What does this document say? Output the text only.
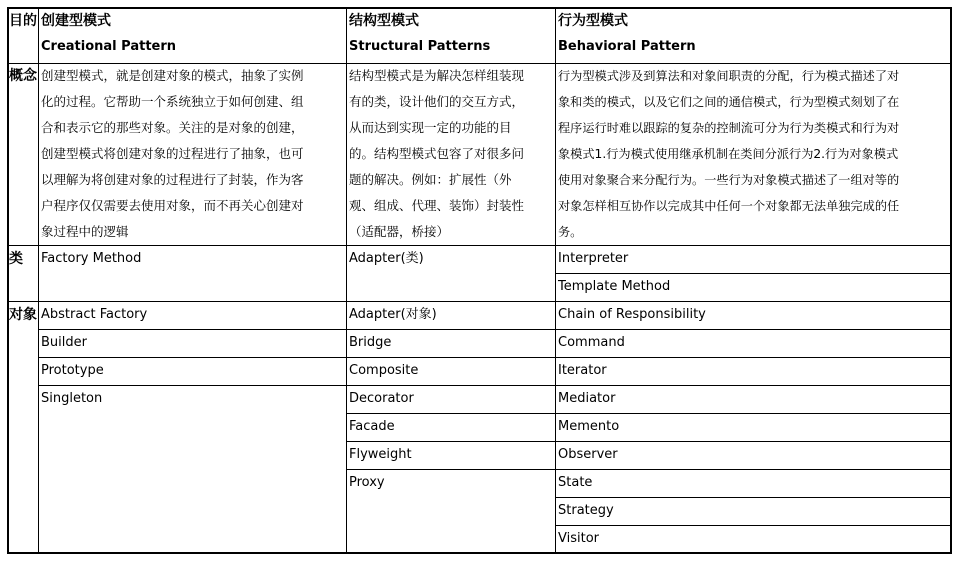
目的 创建型模式
Creational Pattern
结构型模式
Structural Patterns
行为型模式
Behavioral Pattern
概念 创建型模式，就是创建对象的模式，抽象了实例
化的过程。它帮助一个系统独立于如何创建、组
合和表示它的那些对象。关注的是对象的创建，
创建型模式将创建对象的过程进行了抽象，也可
以理解为将创建对象的过程进行了封装，作为客
户程序仅仅需要去使用对象，而不再关心创建对
象过程中的逻辑
结构型模式是为解决怎样组装现
有的类，设计他们的交互方式，
从而达到实现一定的功能的目
的。结构型模式包容了对很多问
题的解决。例如：扩展性（外
观、组成、代理、装饰）封装性
（适配器，桥接）
行为型模式涉及到算法和对象间职责的分配，行为模式描述了对
象和类的模式，以及它们之间的通信模式，行为型模式刻划了在
程序运行时难以跟踪的复杂的控制流可分为行为类模式和行为对
象模式1.行为模式使用继承机制在类间分派行为2.行为对象模式
使用对象聚合来分配行为。一些行为对象模式描述了一组对等的
对象怎样相互协作以完成其中任何一个对象都无法单独完成的任
务。
类 Factory Method	Adapter(类)	Interpreter
Template Method
对象 Abstract Factory
Builder
Prototype
Singleton
Adapter(对象)
Bridge
Composite
Decorator
Facade
Flyweight
Proxy
Chain of Responsibility
Command
Iterator
Mediator
Memento
Observer
State
Strategy
Visitor
